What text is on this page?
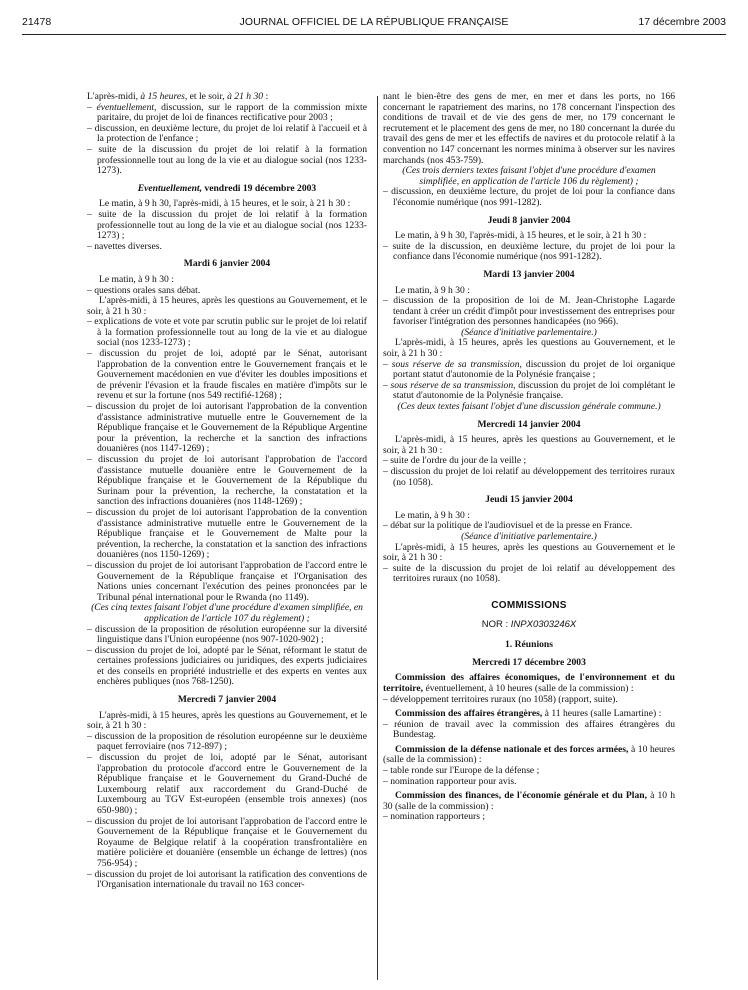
21478	JOURNAL OFFICIEL DE LA RÉPUBLIQUE FRANÇAISE	17 décembre 2003

L'après-midi, à 15 heures, et le soir, à 21 h 30 :

– éventuellement, discussion, sur le rapport de la commission mixte paritaire, du projet de loi de finances rectificative pour 2003 ;

– discussion, en deuxième lecture, du projet de loi relatif à l'accueil et à la protection de l'enfance ;

– suite de la discussion du projet de loi relatif à la formation professionnelle tout au long de la vie et au dialogue social (nos 1233-1273).

Eventuellement, vendredi 19 décembre 2003

Le matin, à 9 h 30, l'après-midi, à 15 heures, et le soir, à 21 h 30 :

– suite de la discussion du projet de loi relatif à la formation professionnelle tout au long de la vie et au dialogue social (nos 1233-1273) ;

– navettes diverses.

Mardi 6 janvier 2004

Le matin, à 9 h 30 :

– questions orales sans débat.

L'après-midi, à 15 heures, après les questions au Gouvernement, et le soir, à 21 h 30 :

– explications de vote et vote par scrutin public sur le projet de loi relatif à la formation professionnelle tout au long de la vie et au dialogue social (nos 1233-1273) ;

– discussion du projet de loi, adopté par le Sénat, autorisant l'approbation de la convention entre le Gouvernement français et le Gouvernement macédonien en vue d'éviter les doubles impositions et de prévenir l'évasion et la fraude fiscales en matière d'impôts sur le revenu et sur la fortune (nos 549 rectifié-1268) ;

– discussion du projet de loi autorisant l'approbation de la convention d'assistance administrative mutuelle entre le Gouvernement de la République française et le Gouvernement de la République Argentine pour la prévention, la recherche et la sanction des infractions douanières (nos 1147-1269) ;

– discussion du projet de loi autorisant l'approbation de l'accord d'assistance mutuelle douanière entre le Gouvernement de la République française et le Gouvernement de la République du Surinam pour la prévention, la recherche, la constatation et la sanction des infractions douanières (nos 1148-1269) ;

– discussion du projet de loi autorisant l'approbation de la convention d'assistance administrative mutuelle entre le Gouvernement de la République française et le Gouvernement de Malte pour la prévention, la recherche, la constatation et la sanction des infractions douanières (nos 1150-1269) ;

– discussion du projet de loi autorisant l'approbation de l'accord entre le Gouvernement de la République française et l'Organisation des Nations unies concernant l'exécution des peines prononcées par le Tribunal pénal international pour le Rwanda (no 1149).

(Ces cinq textes faisant l'objet d'une procédure d'examen simplifiée, en application de l'article 107 du règlement) ;

– discussion de la proposition de résolution européenne sur la diversité linguistique dans l'Union européenne (nos 907-1020-902) ;

– discussion du projet de loi, adopté par le Sénat, réformant le statut de certaines professions judiciaires ou juridiques, des experts judiciaires et des conseils en propriété industrielle et des experts en ventes aux enchères publiques (nos 768-1250).

Mercredi 7 janvier 2004

L'après-midi, à 15 heures, après les questions au Gouvernement, et le soir, à 21 h 30 :

– discussion de la proposition de résolution européenne sur le deuxième paquet ferroviaire (nos 712-897) ;

– discussion du projet de loi, adopté par le Sénat, autorisant l'approbation du protocole d'accord entre le Gouvernement de la République française et le Gouvernement du Grand-Duché de Luxembourg relatif aux raccordement du Grand-Duché de Luxembourg au TGV Est-européen (ensemble trois annexes) (nos 650-980) ;

– discussion du projet de loi autorisant l'approbation de l'accord entre le Gouvernement de la République française et le Gouvernement du Royaume de Belgique relatif à la coopération transfrontalière en matière policière et douanière (ensemble un échange de lettres) (nos 756-954) ;

– discussion du projet de loi autorisant la ratification des conventions de l'Organisation internationale du travail no 163 concer-

nant le bien-être des gens de mer, en mer et dans les ports, no 166 concernant le rapatriement des marins, no 178 concernant l'inspection des conditions de travail et de vie des gens de mer, no 179 concernant le recrutement et le placement des gens de mer, no 180 concernant la durée du travail des gens de mer et les effectifs de navires et du protocole relatif à la convention no 147 concernant les normes minima à observer sur les navires marchands (nos 453-759).

(Ces trois derniers textes faisant l'objet d'une procédure d'examen simplifiée, en application de l'article 106 du règlement) ;

– discussion, en deuxième lecture, du projet de loi pour la confiance dans l'économie numérique (nos 991-1282).

Jeudi 8 janvier 2004

Le matin, à 9 h 30, l'après-midi, à 15 heures, et le soir, à 21 h 30 :

– suite de la discussion, en deuxième lecture, du projet de loi pour la confiance dans l'économie numérique (nos 991-1282).

Mardi 13 janvier 2004

Le matin, à 9 h 30 :

– discussion de la proposition de loi de M. Jean-Christophe Lagarde tendant à créer un crédit d'impôt pour investissement des entreprises pour favoriser l'intégration des personnes handicapées (no 966).

(Séance d'initiative parlementaire.)

L'après-midi, à 15 heures, après les questions au Gouvernement, et le soir, à 21 h 30 :

– sous réserve de sa transmission, discussion du projet de loi organique portant statut d'autonomie de la Polynésie française ;

– sous réserve de sa transmission, discussion du projet de loi complétant le statut d'autonomie de la Polynésie française.

(Ces deux textes faisant l'objet d'une discussion générale commune.)

Mercredi 14 janvier 2004

L'après-midi, à 15 heures, après les questions au Gouvernement, et le soir, à 21 h 30 :

– suite de l'ordre du jour de la veille ;

– discussion du projet de loi relatif au développement des territoires ruraux (no 1058).

Jeudi 15 janvier 2004

Le matin, à 9 h 30 :

– débat sur la politique de l'audiovisuel et de la presse en France.

(Séance d'initiative parlementaire.)

L'après-midi, à 15 heures, après les questions au Gouvernement et le soir, à 21 h 30 :

– suite de la discussion du projet de loi relatif au développement des territoires ruraux (no 1058).

COMMISSIONS
NOR : INPX0303246X
1. Réunions
Mercredi 17 décembre 2003

Commission des affaires économiques, de l'environnement et du territoire, éventuellement, à 10 heures (salle de la commission) :

– développement territoires ruraux (no 1058) (rapport, suite).

Commission des affaires étrangères, à 11 heures (salle Lamartine) :

– réunion de travail avec la commission des affaires étrangères du Bundestag.

Commission de la défense nationale et des forces armées, à 10 heures (salle de la commission) :

– table ronde sur l'Europe de la défense ;

– nomination rapporteur pour avis.

Commission des finances, de l'économie générale et du Plan, à 10 h 30 (salle de la commission) :

– nomination rapporteurs ;
